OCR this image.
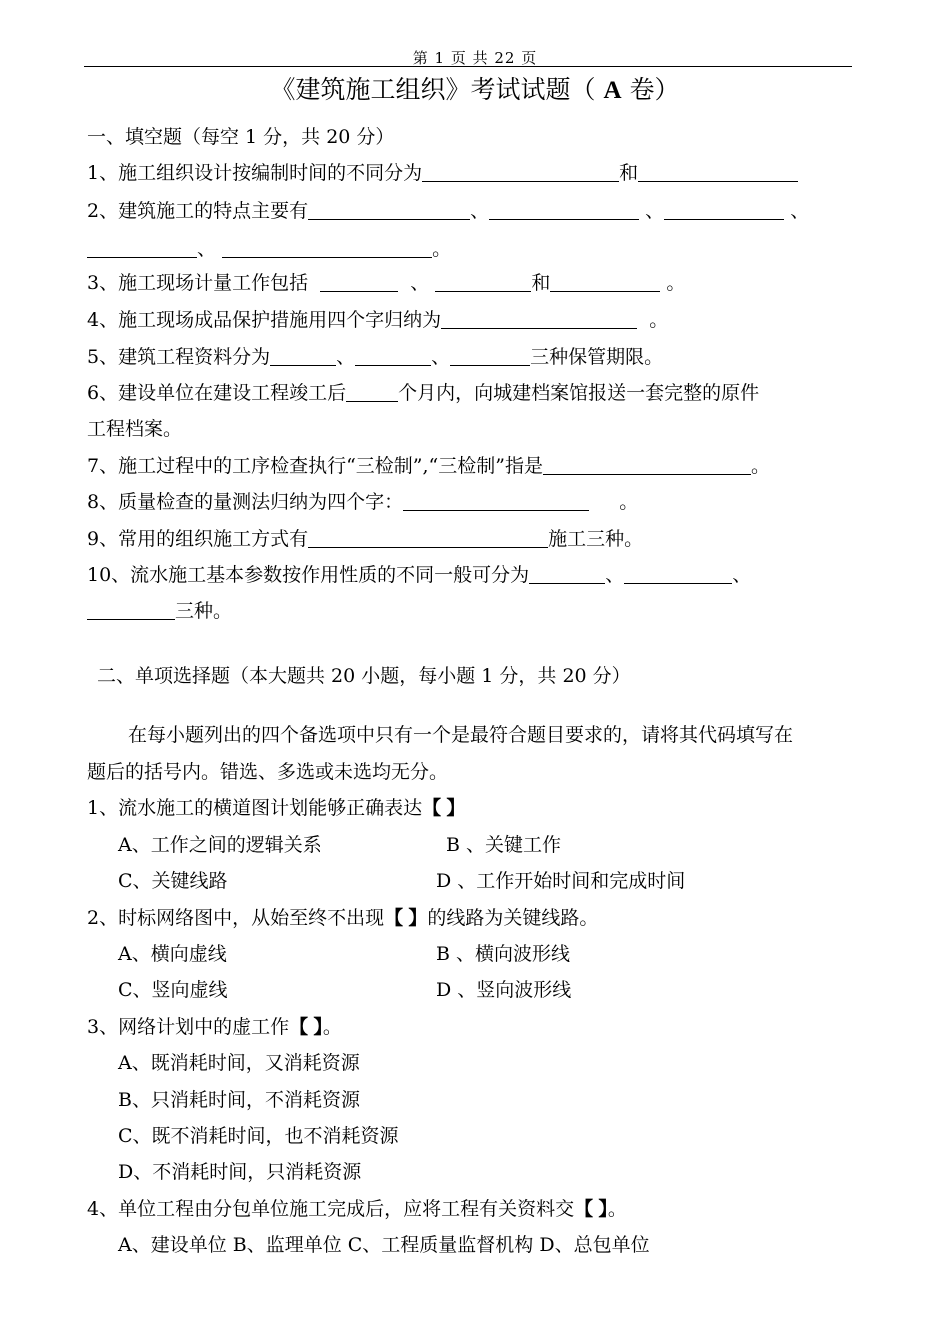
第 1 页 共 22 页
《建筑施工组织》考试试题（ A 卷）
一、填空题（每空 1 分，共 20 分）
1、施工组织设计按编制时间的不同分为	和
2、建筑施工的特点主要有	、	、	、
、	。
3、施工现场计量工作包括	、	和	。
4、施工现场成品保护措施用四个字归纳为	。
5、建筑工程资料分为	、	、	三种保管期限。
6、建设单位在建设工程竣工后	个月内，向城建档案馆报送一套完整的原件
工程档案。
7、施工过程中的工序检查执行“三检制”,“三检制”指是	。
8、质量检查的量测法归纳为四个字：	。
9、常用的组织施工方式有	施工三种。
10、流水施工基本参数按作用性质的不同一般可分为	、	、
三种。
二、单项选择题（本大题共 20 小题，每小题 1 分，共 20 分）
在每小题列出的四个备选项中只有一个是最符合题目要求的，请将其代码填写在
题后的括号内。错选、多选或未选均无分。
1、流水施工的横道图计划能够正确表达【 】
A、工作之间的逻辑关系	B 、关键工作
C、关键线路	D 、工作开始时间和完成时间
2、时标网络图中，从始至终不出现【 】的线路为关键线路。
A、横向虚线	B 、横向波形线
C、竖向虚线	D 、竖向波形线
3、网络计划中的虚工作【 】。
A、既消耗时间，又消耗资源
B、只消耗时间，不消耗资源
C、既不消耗时间，也不消耗资源
D、不消耗时间，只消耗资源
4、单位工程由分包单位施工完成后，应将工程有关资料交【 】。
A、建设单位 B、监理单位 C、工程质量监督机构 D、总包单位
